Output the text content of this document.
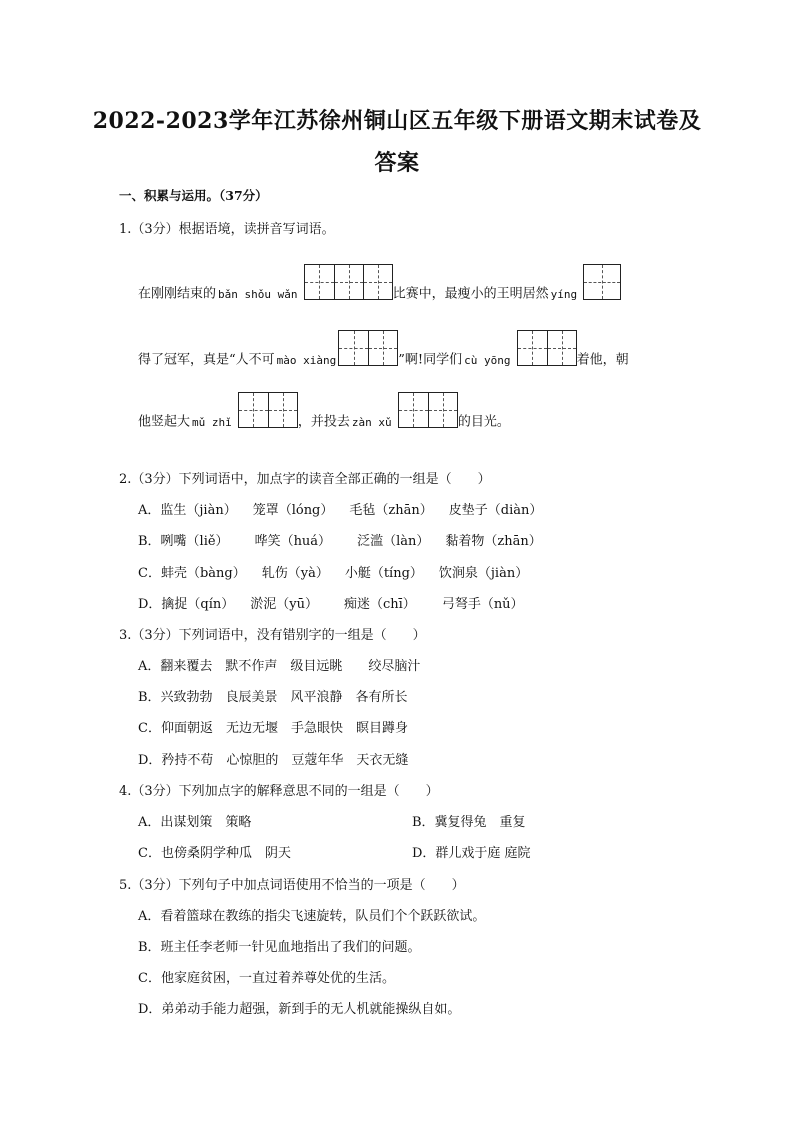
2022-2023学年江苏徐州铜山区五年级下册语文期末试卷及
答案
一、积累与运用。（37分）
1.（3分）根据语境，读拼音写词语。
在刚刚结束的 bǎn shǒu wǎn	比赛中，最瘦小的王明居然 yíng
得了冠军，真是“人不可 mào xiàng	”啊!同学们 cù yōng	着他，朝
他竖起大 mǔ zhǐ	，并投去 zàn xǔ	的目光。
2.（3分）下列词语中，加点字的读音全部正确的一组是（　　）
A．监生（jiàn） 笼罩（lóng） 毛毡（zhān） 皮垫子（diàn）
B．咧嘴（liě） 哗笑（huá） 泛滥（làn） 黏着物（zhān）
C．蚌壳（bàng） 轧伤（yà） 小艇（tíng） 饮涧泉（jiàn）
D．擒捉（qín） 淤泥（yū） 痴迷（chī） 弓弩手（nǔ）
3.（3分）下列词语中，没有错别字的一组是（　　）
A．翻来覆去　默不作声　级目远眺　　绞尽脑汁
B．兴致勃勃　良辰美景　风平浪静　各有所长
C．仰面朝返　无边无堰　手急眼快　瞑目蹲身
D．矜持不苟　心惊胆的　豆蔻年华　天衣无缝
4.（3分）下列加点字的解释意思不同的一组是（　　）
A．出谋划策　策略	B．冀复得兔　重复
C．也傍桑阴学种瓜　阴天	D．群儿戏于庭 庭院
5.（3分）下列句子中加点词语使用不恰当的一项是（　　）
A．看着篮球在教练的指尖飞速旋转，队员们个个跃跃欲试。
B．班主任李老师一针见血地指出了我们的问题。
C．他家庭贫困，一直过着养尊处优的生活。
D．弟弟动手能力超强，新到手的无人机就能操纵自如。
